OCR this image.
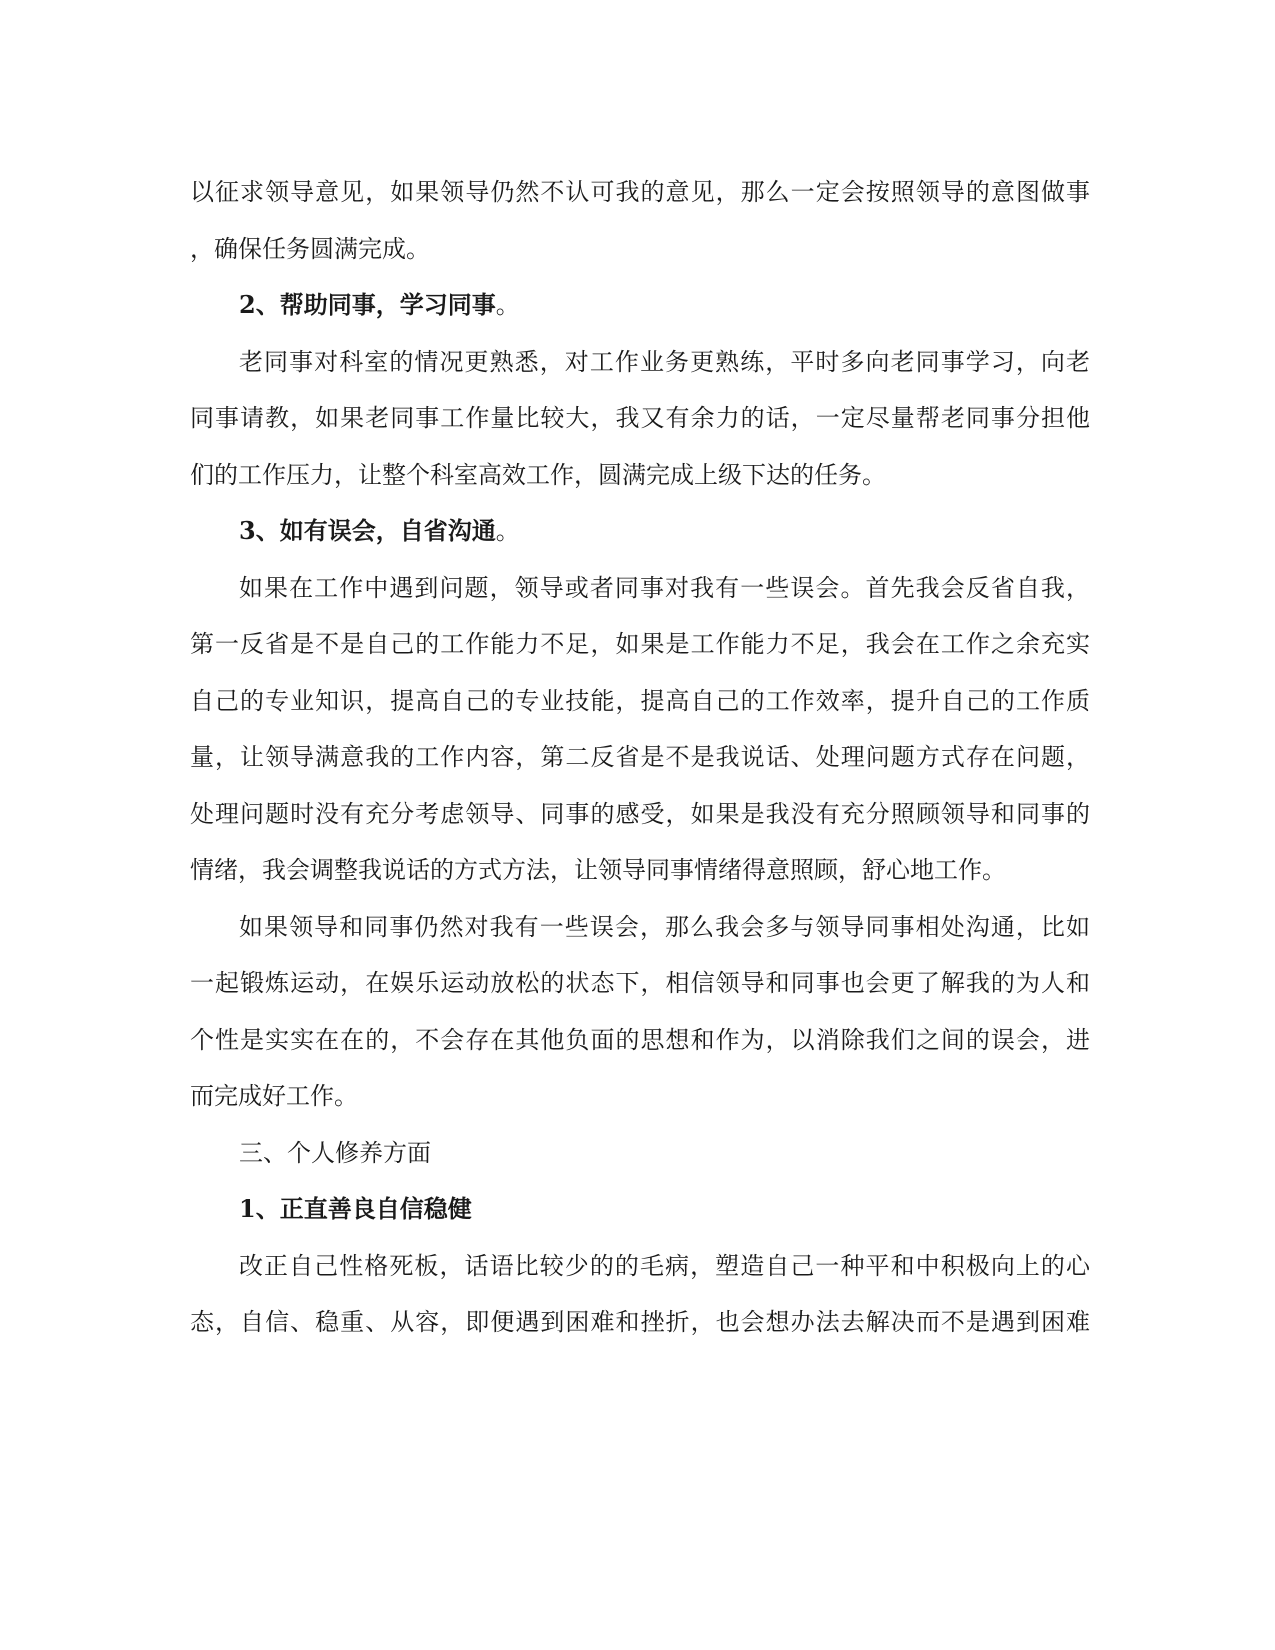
以征求领导意见，如果领导仍然不认可我的意见，那么一定会按照领导的意图做事
，确保任务圆满完成。
2、帮助同事，学习同事。
老同事对科室的情况更熟悉，对工作业务更熟练，平时多向老同事学习，向老
同事请教，如果老同事工作量比较大，我又有余力的话，一定尽量帮老同事分担他
们的工作压力，让整个科室高效工作，圆满完成上级下达的任务。
3、如有误会，自省沟通。
如果在工作中遇到问题，领导或者同事对我有一些误会。首先我会反省自我，
第一反省是不是自己的工作能力不足，如果是工作能力不足，我会在工作之余充实
自己的专业知识，提高自己的专业技能，提高自己的工作效率，提升自己的工作质
量，让领导满意我的工作内容，第二反省是不是我说话、处理问题方式存在问题，
处理问题时没有充分考虑领导、同事的感受，如果是我没有充分照顾领导和同事的
情绪，我会调整我说话的方式方法，让领导同事情绪得意照顾，舒心地工作。
如果领导和同事仍然对我有一些误会，那么我会多与领导同事相处沟通，比如
一起锻炼运动，在娱乐运动放松的状态下，相信领导和同事也会更了解我的为人和
个性是实实在在的，不会存在其他负面的思想和作为，以消除我们之间的误会，进
而完成好工作。
三、个人修养方面
1、正直善良自信稳健
改正自己性格死板，话语比较少的的毛病，塑造自己一种平和中积极向上的心
态，自信、稳重、从容，即便遇到困难和挫折，也会想办法去解决而不是遇到困难
